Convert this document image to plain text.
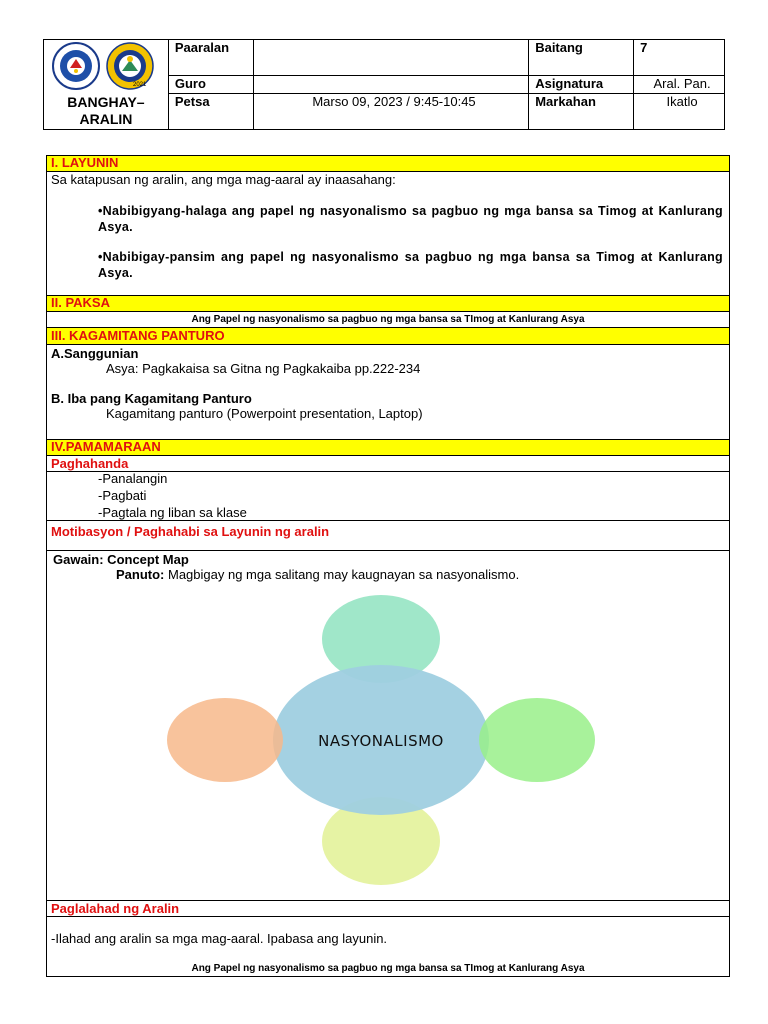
2021	Paaralan		Baitang	7
	Guro		Asignatura	Aral. Pan.
BANGHAY–
ARALIN	Petsa	Marso 09, 2023 / 9:45-10:45	Markahan	Ikatlo
I. LAYUNIN
Sa katapusan ng aralin, ang mga mag-aaral ay inaasahang:
•Nabibigyang-halaga ang papel ng nasyonalismo sa pagbuo ng mga bansa sa Timog at Kanlurang Asya.
•Nabibigay-pansim ang papel ng nasyonalismo sa pagbuo ng mga bansa sa Timog at Kanlurang Asya.
II. PAKSA
Ang Papel ng nasyonalismo sa pagbuo ng mga bansa sa TImog at Kanlurang Asya
III. KAGAMITANG PANTURO
A.Sanggunian
Asya: Pagkakaisa sa Gitna ng Pagkakaiba pp.222-234
B. Iba pang Kagamitang Panturo
Kagamitang panturo (Powerpoint presentation, Laptop)
IV.PAMAMARAAN
Paghahanda
-Panalangin
-Pagbati
-Pagtala ng liban sa klase
Motibasyon / Paghahabi sa Layunin ng aralin
Gawain: Concept Map
Panuto: Magbigay ng mga salitang may kaugnayan sa nasyonalismo.
NASYONALISMO
Paglalahad ng Aralin
-Ilahad ang aralin sa mga mag-aaral. Ipabasa ang layunin.
Ang Papel ng nasyonalismo sa pagbuo ng mga bansa sa TImog at Kanlurang Asya
